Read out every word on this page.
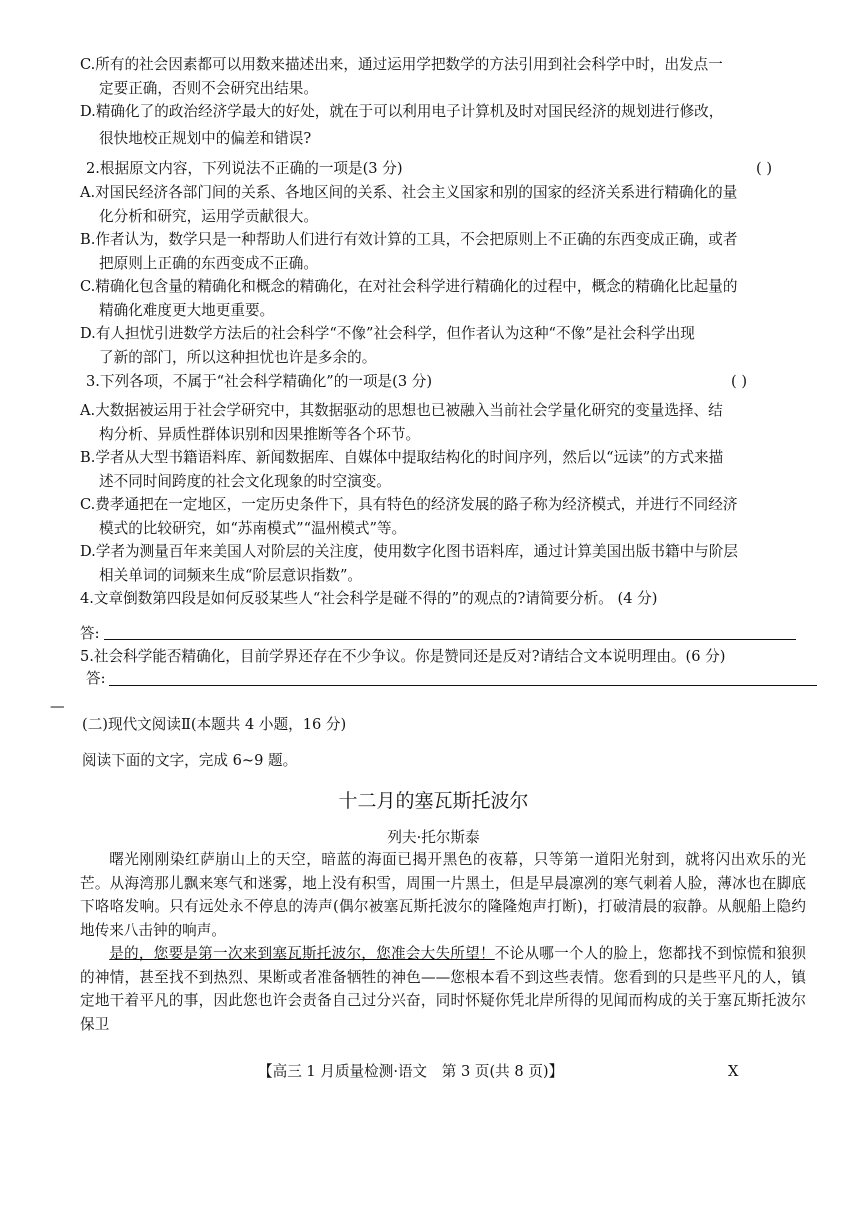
C.所有的社会因素都可以用数来描述出来，通过运用学把数学的方法引用到社会科学中时，出发点一
定要正确，否则不会研究出结果。
D.精确化了的政治经济学最大的好处，就在于可以利用电子计算机及时对国民经济的规划进行修改，
很快地校正规划中的偏差和错误?
2.根据原文内容，下列说法不正确的一项是(3 分)	( )
A.对国民经济各部门间的关系、各地区间的关系、社会主义国家和别的国家的经济关系进行精确化的量
化分析和研究，运用学贡献很大。
B.作者认为，数学只是一种帮助人们进行有效计算的工具，不会把原则上不正确的东西变成正确，或者
把原则上正确的东西变成不正确。
C.精确化包含量的精确化和概念的精确化，在对社会科学进行精确化的过程中，概念的精确化比起量的
精确化难度更大地更重要。
D.有人担忧引进数学方法后的社会科学“不像”社会科学，但作者认为这种“不像”是社会科学出现
了新的部门，所以这种担忧也许是多余的。
3.下列各项，不属于“社会科学精确化”的一项是(3 分)	( )
A.大数据被运用于社会学研究中，其数据驱动的思想也已被融入当前社会学量化研究的变量选择、结
构分析、异质性群体识别和因果推断等各个环节。
B.学者从大型书籍语料库、新闻数据库、自媒体中提取结构化的时间序列，然后以“远读”的方式来描
述不同时间跨度的社会文化现象的时空演变。
C.费孝通把在一定地区，一定历史条件下，具有特色的经济发展的路子称为经济模式，并进行不同经济
模式的比较研究，如“苏南模式”“温州模式”等。
D.学者为测量百年来美国人对阶层的关注度，使用数字化图书语料库，通过计算美国出版书籍中与阶层
相关单词的词频来生成“阶层意识指数”。
4.文章倒数第四段是如何反驳某些人“社会科学是碰不得的”的观点的?请简要分析。 (4 分)
答:
5.社会科学能否精确化，目前学界还存在不少争议。你是赞同还是反对?请结合文本说明理由。(6 分)
答:
—
(二)现代文阅读Ⅱ(本题共 4 小题，16 分)
阅读下面的文字，完成 6~9 题。
十二月的塞瓦斯托波尔
列夫·托尔斯泰
曙光刚刚染红萨崩山上的天空，暗蓝的海面已揭开黑色的夜幕，只等第一道阳光射到，就将闪出欢乐的光芒。从海湾那儿飘来寒气和迷雾，地上没有积雪，周围一片黑土，但是早晨凛冽的寒气刺着人脸，薄冰也在脚底下咯咯发响。只有远处永不停息的涛声(偶尔被塞瓦斯托波尔的隆隆炮声打断)，打破清晨的寂静。从舰船上隐约地传来八击钟的响声。
是的，您要是第一次来到塞瓦斯托波尔，您准会大失所望！不论从哪一个人的脸上，您都找不到惊慌和狼狈的神情，甚至找不到热烈、果断或者准备牺牲的神色——您根本看不到这些表情。您看到的只是些平凡的人，镇定地干着平凡的事，因此您也许会责备自己过分兴奋，同时怀疑你凭北岸所得的见闻而构成的关于塞瓦斯托波尔保卫
【高三 1 月质量检测·语文　第 3 页(共 8 页)】	X
